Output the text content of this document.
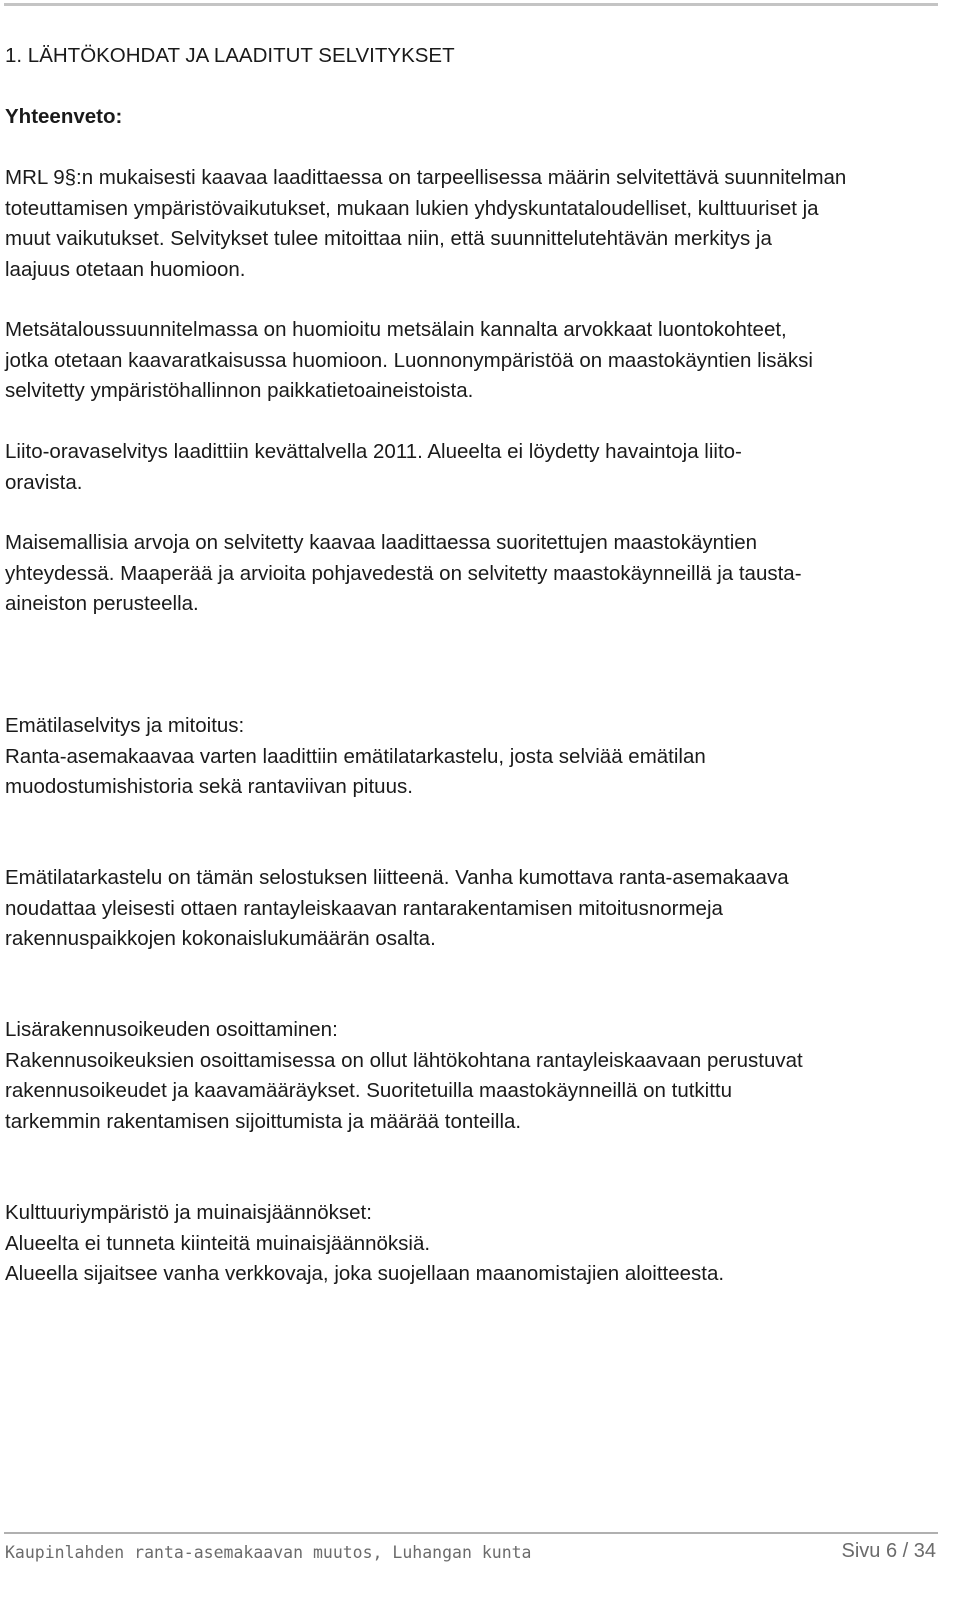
1. LÄHTÖKOHDAT JA LAADITUT SELVITYKSET
Yhteenveto:
MRL 9§:n mukaisesti kaavaa laadittaessa on tarpeellisessa määrin selvitettävä suunnitelman
toteuttamisen ympäristövaikutukset, mukaan lukien yhdyskuntataloudelliset, kulttuuriset ja
muut vaikutukset. Selvitykset tulee mitoittaa niin, että suunnittelutehtävän merkitys ja
laajuus otetaan huomioon.
Metsätaloussuunnitelmassa on huomioitu metsälain kannalta arvokkaat luontokohteet,
jotka otetaan kaavaratkaisussa huomioon. Luonnonympäristöä on maastokäyntien lisäksi
selvitetty ympäristöhallinnon paikkatietoaineistoista.
Liito-oravaselvitys laadittiin kevättalvella 2011. Alueelta ei löydetty havaintoja liito-
oravista.
Maisemallisia arvoja on selvitetty kaavaa laadittaessa suoritettujen maastokäyntien
yhteydessä. Maaperää ja arvioita pohjavedestä on selvitetty maastokäynneillä ja tausta-
aineiston perusteella.
Emätilaselvitys ja mitoitus:
Ranta-asemakaavaa varten laadittiin emätilatarkastelu, josta selviää emätilan
muodostumishistoria sekä rantaviivan pituus.
Emätilatarkastelu on tämän selostuksen liitteenä. Vanha kumottava ranta-asemakaava
noudattaa yleisesti ottaen rantayleiskaavan rantarakentamisen mitoitusnormeja
rakennuspaikkojen kokonaislukumäärän osalta.
Lisärakennusoikeuden osoittaminen:
Rakennusoikeuksien osoittamisessa on ollut lähtökohtana rantayleiskaavaan perustuvat
rakennusoikeudet ja kaavamääräykset. Suoritetuilla maastokäynneillä on tutkittu
tarkemmin rakentamisen sijoittumista ja määrää tonteilla.
Kulttuuriympäristö ja muinaisjäännökset:
Alueelta ei tunneta kiinteitä muinaisjäännöksiä.
Alueella sijaitsee vanha verkkovaja, joka suojellaan maanomistajien aloitteesta.
Kaupinlahden ranta-asemakaavan muutos, Luhangan kunta	Sivu 6 / 34
